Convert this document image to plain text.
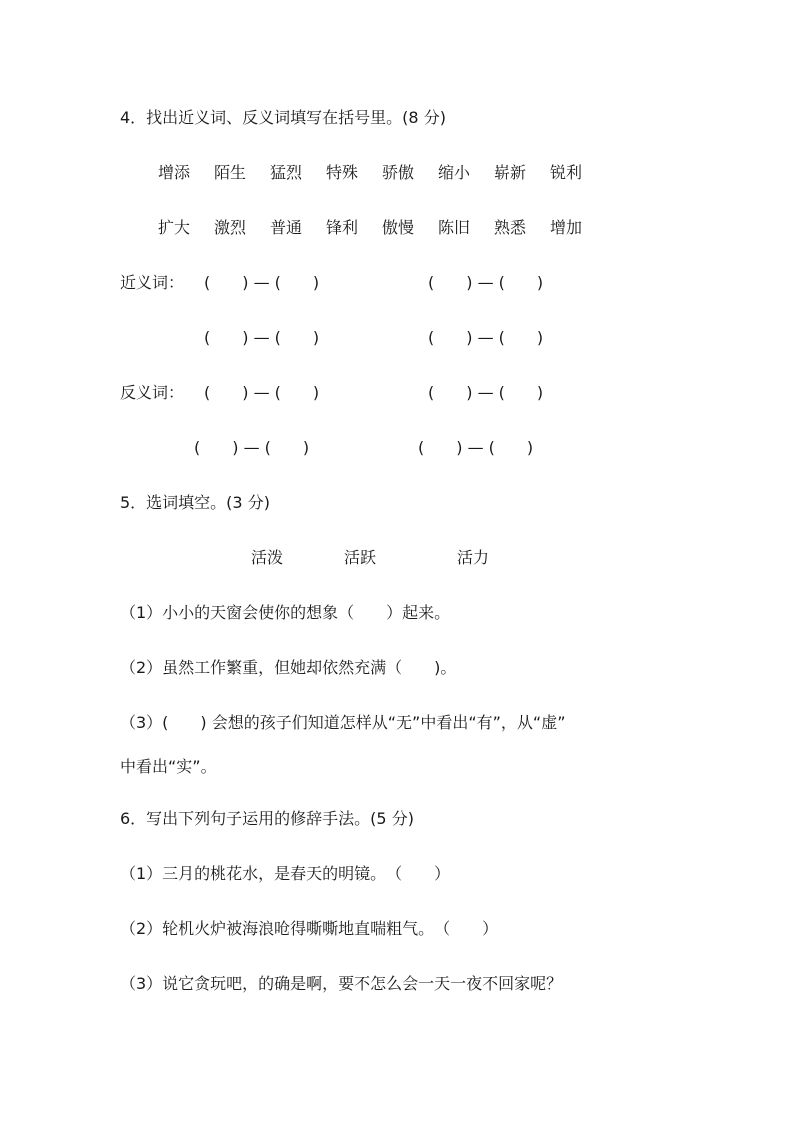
4．找出近义词、反义词填写在括号里。(8 分)
增添 陌生 猛烈 特殊 骄傲 缩小 崭新 锐利
扩大 激烈 普通 锋利 傲慢 陈旧 熟悉 增加
近义词： (　　) — (　　)	(　　) — (　　)
(　　) — (　　)	(　　) — (　　)
反义词： (　　) — (　　)	(　　) — (　　)
(　　) — (　　)	(　　) — (　　)
5．选词填空。(3 分)
活泼	活跃	活力
（1）小小的天窗会使你的想象（　　）起来。
（2）虽然工作繁重，但她却依然充满（　　)。
（3）(　　) 会想的孩子们知道怎样从“无”中看出“有”，从“虚”
中看出“实”。
6．写出下列句子运用的修辞手法。(5 分)
（1）三月的桃花水，是春天的明镜。　（　　）
（2）轮机火炉被海浪呛得嘶嘶地直喘粗气。　（　　）
（3）说它贪玩吧，的确是啊，要不怎么会一天一夜不回家呢？
